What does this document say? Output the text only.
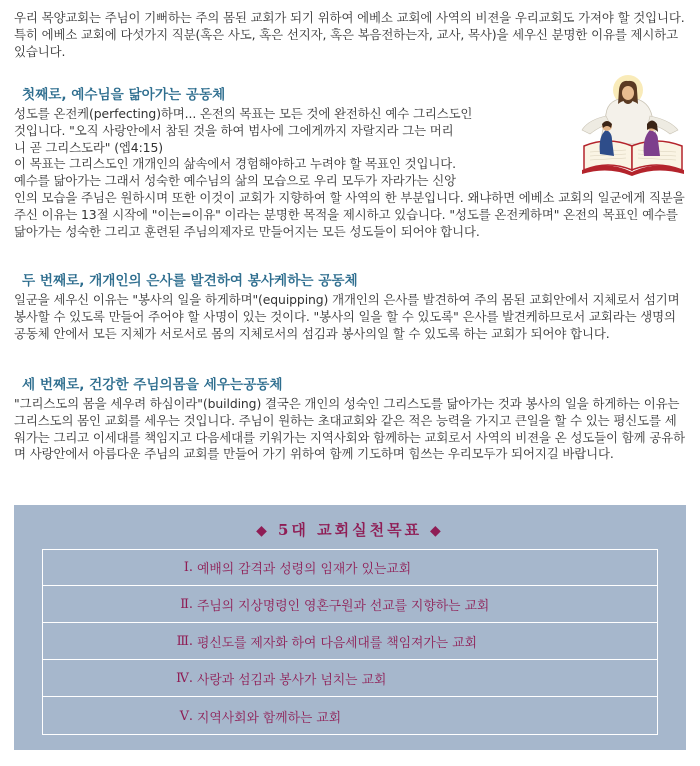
우리 목양교회는 주님이 기뻐하는 주의 몸된 교회가 되기 위하여 에베소 교회에 사역의 비젼을 우리교회도 가져야 할 것입니다. 특히 에베소 교회에 다섯가지 직분(혹은 사도, 혹은 선지자, 혹은 복음전하는자, 교사, 목사)을 세우신 분명한 이유를 제시하고 있습니다.

첫째로, 예수님을 닮아가는 공동체
성도를 온전케(perfecting)하며... 온전의 목표는 모든 것에 완전하신 예수 그리스도인
것입니다. "오직 사랑안에서 참된 것을 하여 범사에 그에게까지 자랄지라 그는 머리
니 곧 그리스도라" (엡4:15)
이 목표는 그리스도인 개개인의 삶속에서 경험해야하고 누려야 할 목표인 것입니다.
예수를 닮아가는 그래서 성숙한 예수님의 삶의 모습으로 우리 모두가 자라가는 신앙

인의 모습을 주님은 원하시며 또한 이것이 교회가 지향하여 할 사역의 한 부분입니다. 왜냐하면 에베소 교회의 일군에게 직분을 주신 이유는 13절 시작에 "이는=이유" 이라는 분명한 목적을 제시하고 있습니다. "성도를 온전케하며" 온전의 목표인 예수를 닮아가는 성숙한 그리고 훈련된 주님의제자로 만들어지는 모든 성도들이 되어야 합니다.

두 번째로, 개개인의 은사를 발견하여 봉사케하는 공동체

일군을 세우신 이유는 "봉사의 일을 하게하며"(equipping) 개개인의 은사를 발견하여 주의 몸된 교회안에서 지체로서 섬기며 봉사할 수 있도록 만들어 주어야 할 사명이 있는 것이다. "봉사의 일을 할 수 있도록" 은사를 발견케하므로서 교회라는 생명의 공동체 안에서 모든 지체가 서로서로 몸의 지체로서의 섬김과 봉사의일 할 수 있도록 하는 교회가 되어야 합니다.

세 번째로, 건강한 주님의몸을 세우는공동체

"그리스도의 몸을 세우려 하심이라"(building) 결국은 개인의 성숙인 그리스도를 닮아가는 것과 봉사의 일을 하게하는 이유는 그리스도의 몸인 교회를 세우는 것입니다. 주님이 원하는 초대교회와 같은 적은 능력을 가지고 큰일을 할 수 있는 평신도를 세워가는 그리고 이세대를 책임지고 다음세대를 키워가는 지역사회와 함께하는 교회로서 사역의 비젼을 온 성도들이 함께 공유하며 사랑안에서 아름다운 주님의 교회를 만들어 가기 위하여 함께 기도하며 힘쓰는 우리모두가 되어지길 바랍니다.

◆ 5대 교회실천목표 ◆
Ⅰ. 예배의 감격과 성령의 임재가 있는교회
Ⅱ. 주님의 지상명령인 영혼구원과 선교를 지향하는 교회
Ⅲ. 평신도를 제자화 하여 다음세대를 책임져가는 교회
Ⅳ. 사랑과 섬김과 봉사가 넘치는 교회
Ⅴ. 지역사회와 함께하는 교회
